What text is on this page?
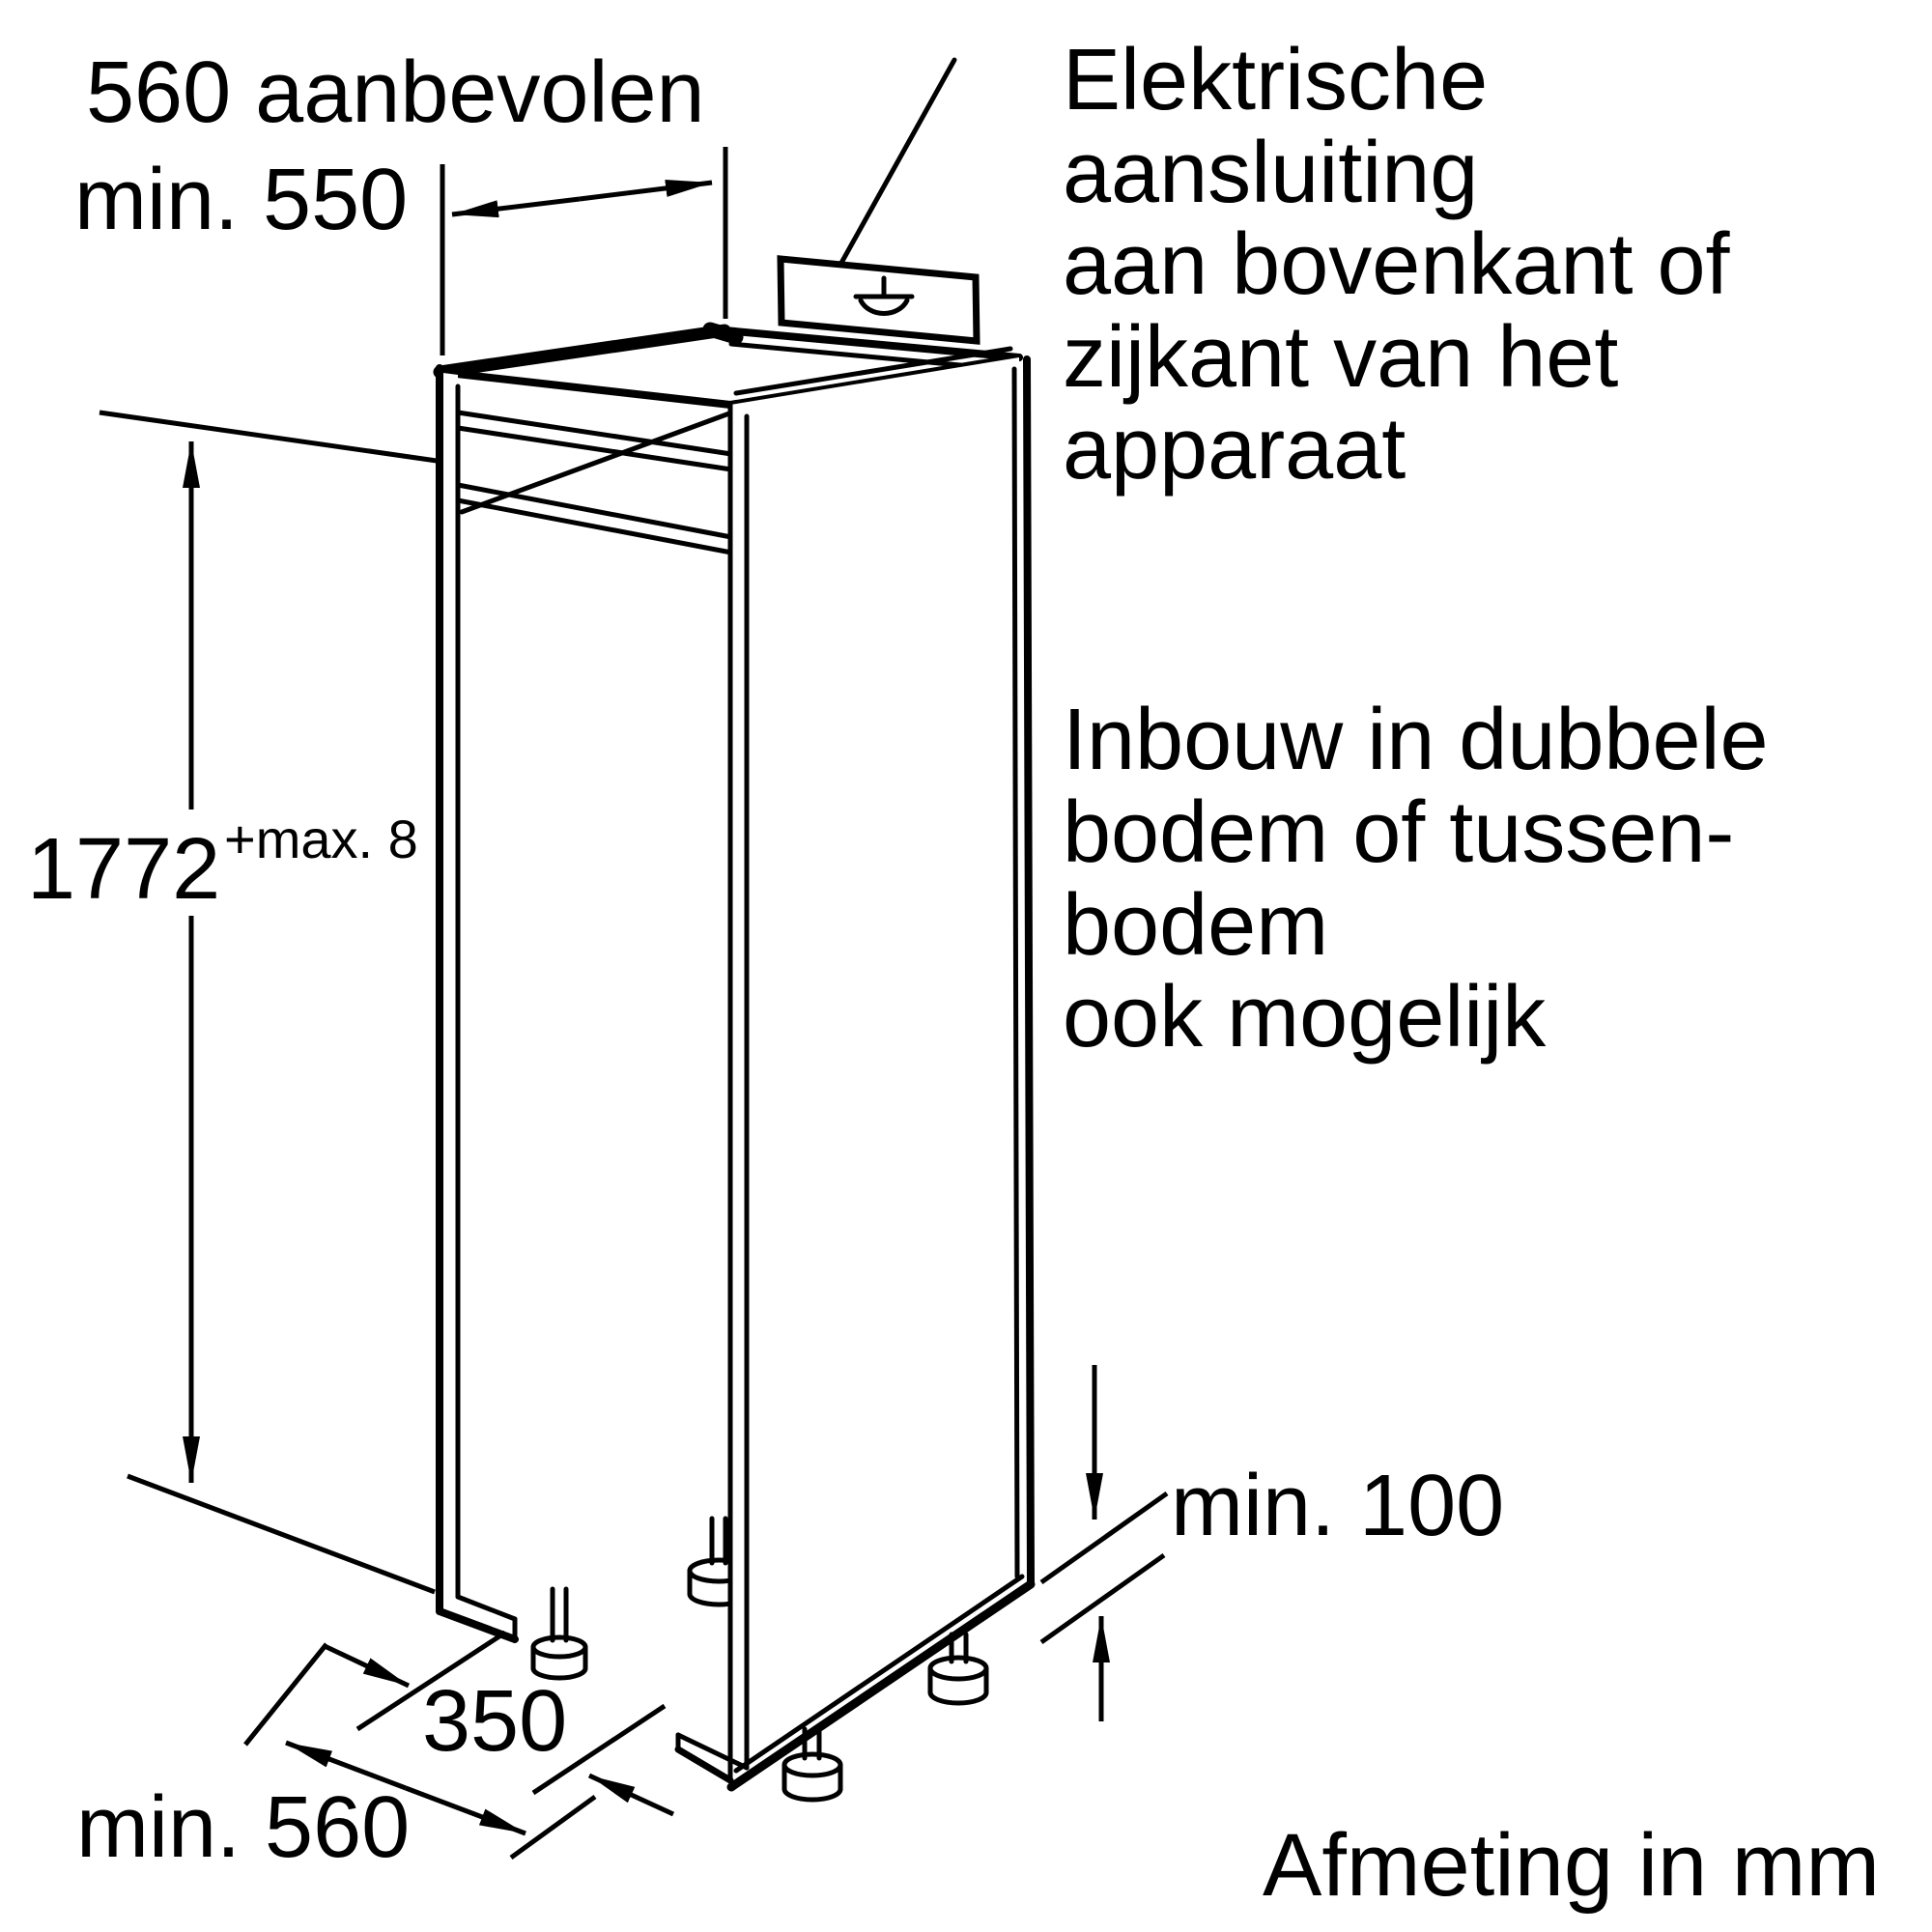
560 aanbevolen
min. 550
Elektrische
aansluiting
aan bovenkant of
zijkant van het
apparaat
1772 +max. 8
Inbouw in dubbele
bodem of tussen-
bodem
ook mogelijk
min. 100
350
min. 560	Afmeting in mm
